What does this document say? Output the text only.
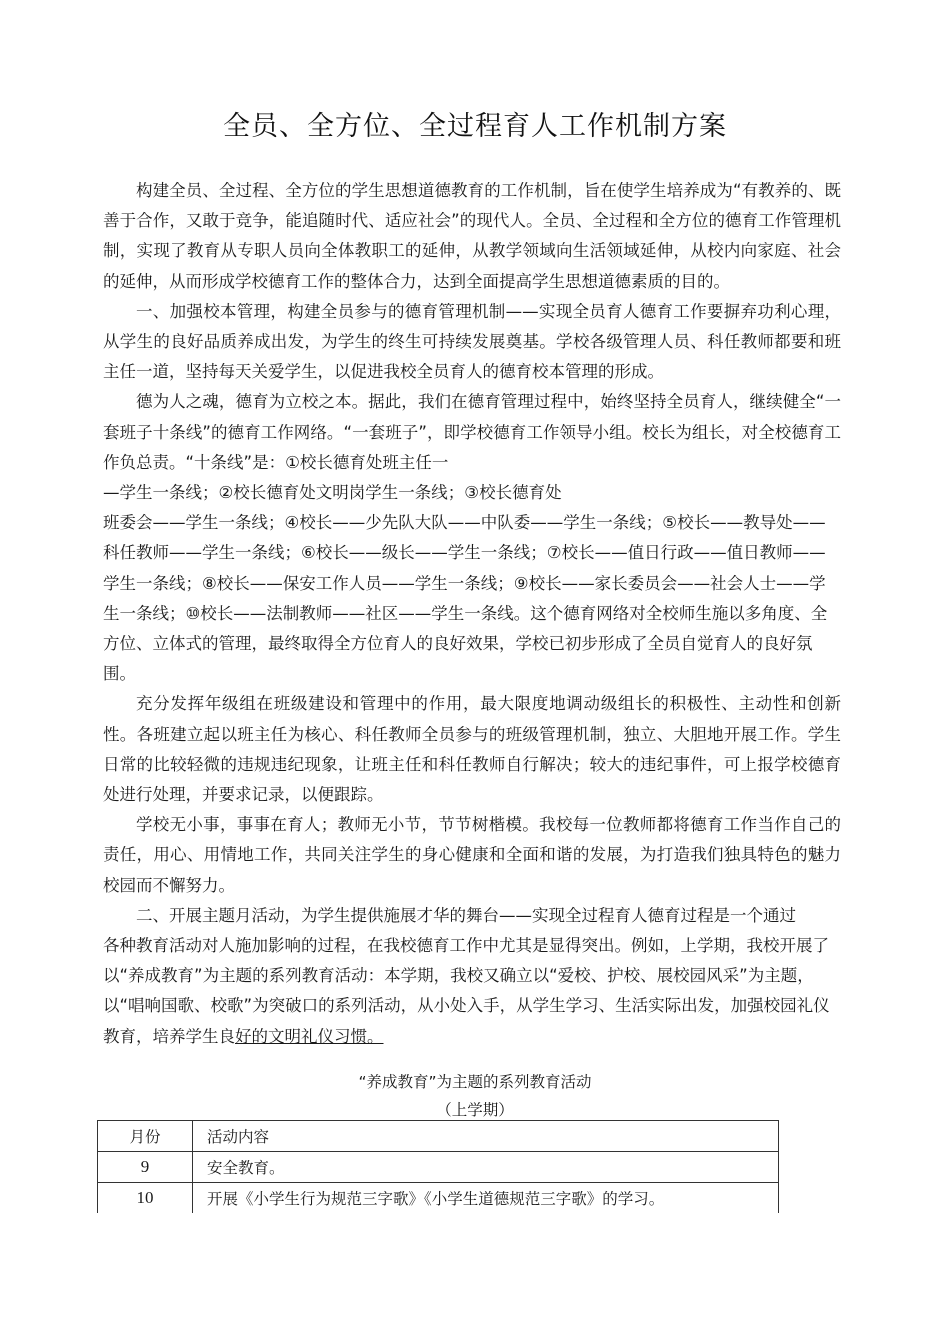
全员、全方位、全过程育人工作机制方案

构建全员、全过程、全方位的学生思想道德教育的工作机制，旨在使学生培养成为“有教养的、既善于合作，又敢于竞争，能追随时代、适应社会”的现代人。全员、全过程和全方位的德育工作管理机制，实现了教育从专职人员向全体教职工的延伸，从教学领域向生活领域延伸，从校内向家庭、社会的延伸，从而形成学校德育工作的整体合力，达到全面提高学生思想道德素质的目的。

一、加强校本管理，构建全员参与的德育管理机制——实现全员育人德育工作要摒弃功利心理，从学生的良好品质养成出发，为学生的终生可持续发展奠基。学校各级管理人员、科任教师都要和班主任一道，坚持每天关爱学生，以促进我校全员育人的德育校本管理的形成。

德为人之魂，德育为立校之本。据此，我们在德育管理过程中，始终坚持全员育人，继续健全“一套班子十条线”的德育工作网络。“一套班子”，即学校德育工作领导小组。校长为组长，对全校德育工作负总责。“十条线”是：①校长德育处班主任一

—学生一条线；②校长德育处文明岗学生一条线；③校长德育处

班委会——学生一条线；④校长——少先队大队——中队委——学生一条线；⑤校长——教导处——科任教师——学生一条线；⑥校长——级长——学生一条线；⑦校长——值日行政——值日教师——学生一条线；⑧校长——保安工作人员——学生一条线；⑨校长——家长委员会——社会人士——学生一条线；⑩校长——法制教师——社区——学生一条线。这个德育网络对全校师生施以多角度、全方位、立体式的管理，最终取得全方位育人的良好效果，学校已初步形成了全员自觉育人的良好氛围。

充分发挥年级组在班级建设和管理中的作用，最大限度地调动级组长的积极性、主动性和创新性。各班建立起以班主任为核心、科任教师全员参与的班级管理机制，独立、大胆地开展工作。学生日常的比较轻微的违规违纪现象，让班主任和科任教师自行解决；较大的违纪事件，可上报学校德育处进行处理，并要求记录，以便跟踪。

学校无小事，事事在育人；教师无小节，节节树楷模。我校每一位教师都将德育工作当作自己的责任，用心、用情地工作，共同关注学生的身心健康和全面和谐的发展，为打造我们独具特色的魅力校园而不懈努力。

二、开展主题月活动，为学生提供施展才华的舞台——实现全过程育人德育过程是一个通过

各种教育活动对人施加影响的过程，在我校德育工作中尤其是显得突出。例如，上学期，我校开展了以“养成教育”为主题的系列教育活动：本学期，我校又确立以“爱校、护校、展校园风采”为主题，以“唱响国歌、校歌”为突破口的系列活动，从小处入手，从学生学习、生活实际出发，加强校园礼仪教育，培养学生良好的文明礼仪习惯。

“养成教育”为主题的系列教育活动
（上学期）
月份	活动内容
9	安全教育。
10	开展《小学生行为规范三字歌》《小学生道德规范三字歌》的学习。
